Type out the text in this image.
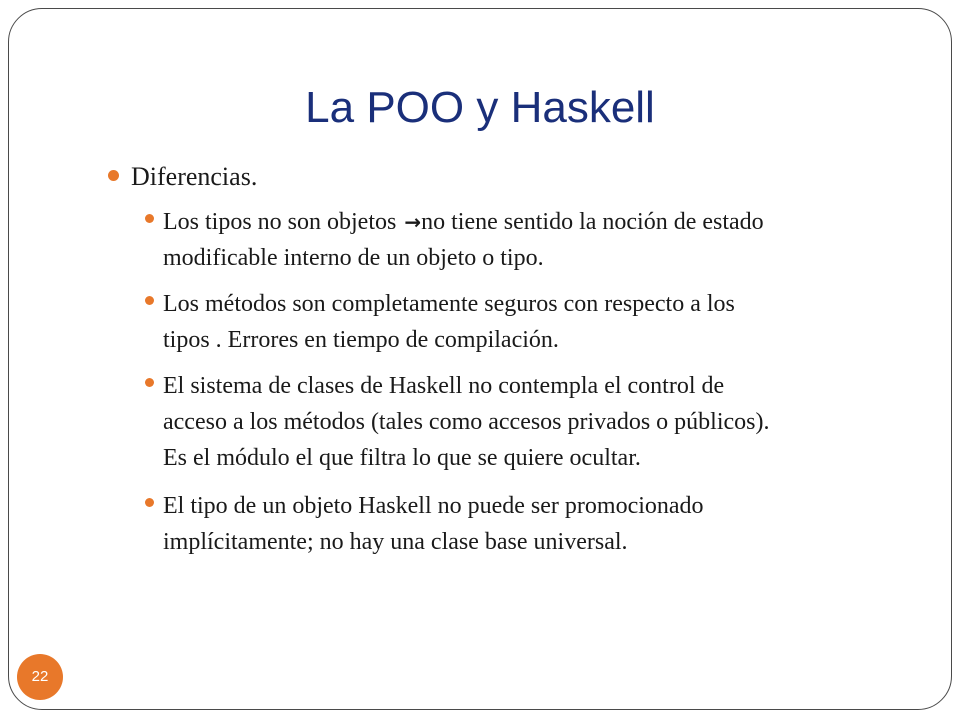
La POO y Haskell
Diferencias.
Los tipos no son objetos →no tiene sentido la noción de estado
modificable interno de un objeto o tipo.
Los métodos son completamente seguros con respecto a los
tipos . Errores en tiempo de compilación.
El sistema de clases de Haskell no contempla el control de
acceso a los métodos (tales como accesos privados o públicos).
Es el módulo el que filtra lo que se quiere ocultar.
El tipo de un objeto Haskell no puede ser promocionado
implícitamente; no hay una clase base universal.
22
